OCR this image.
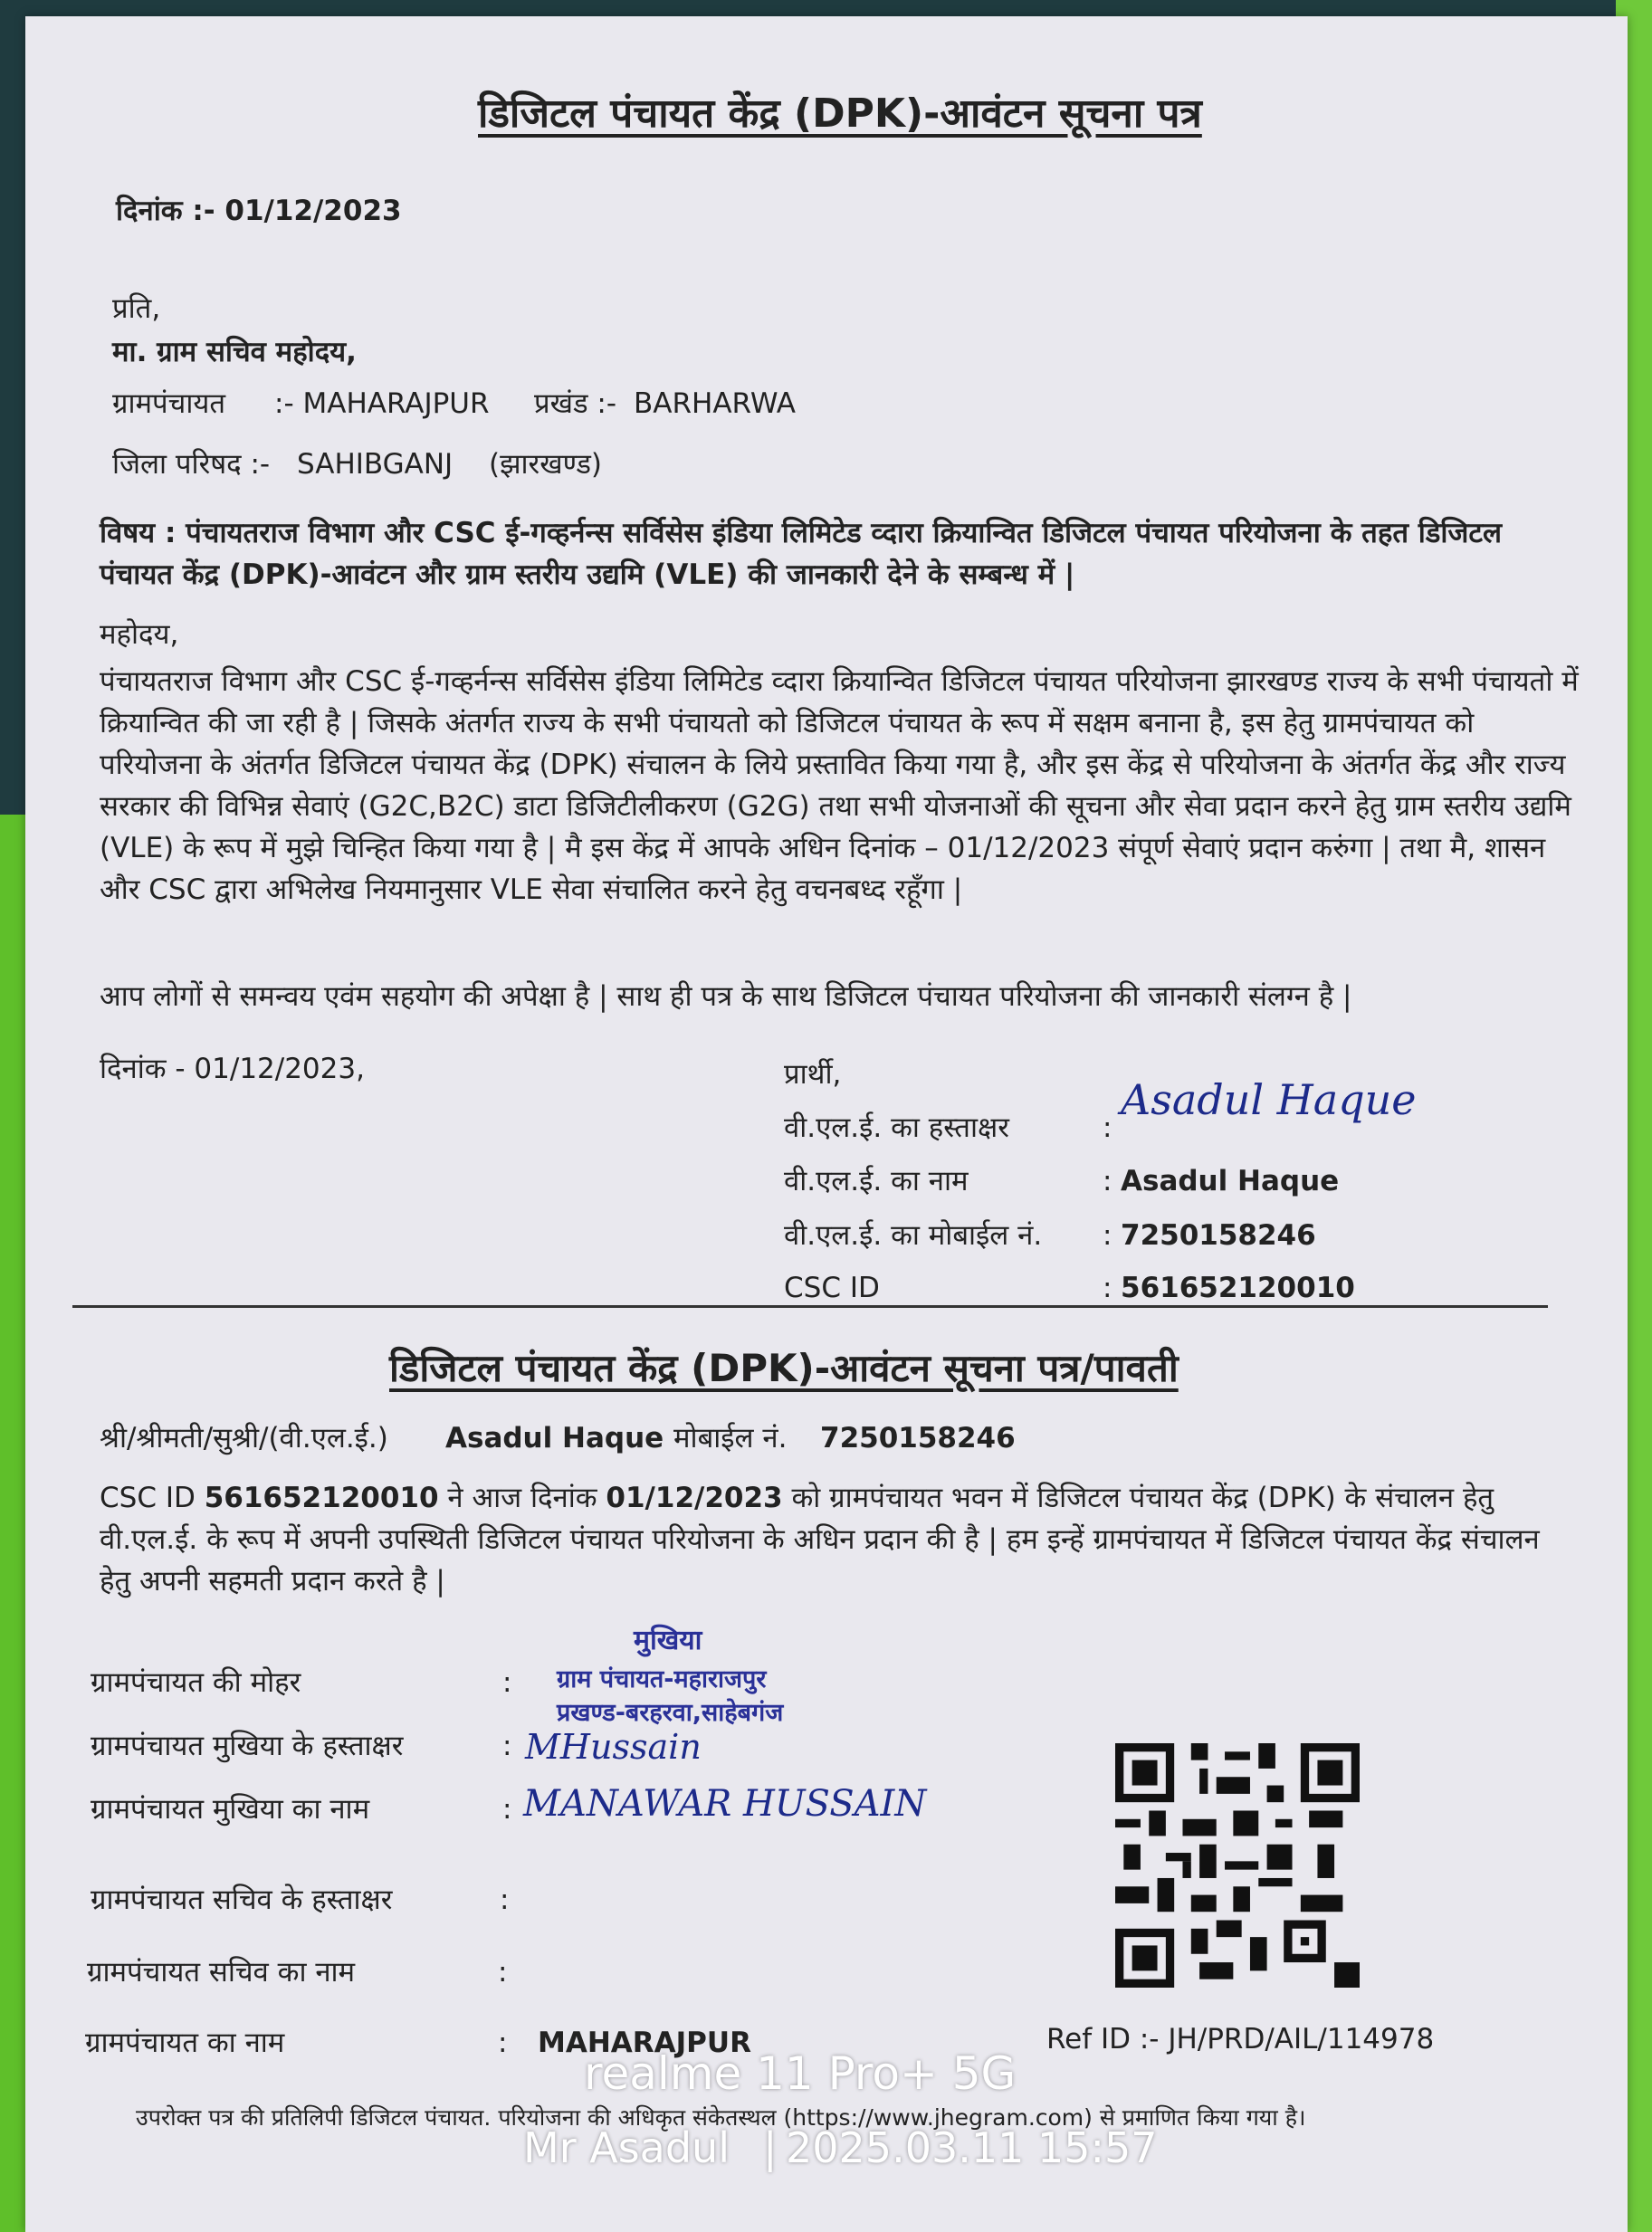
डिजिटल पंचायत केंद्र (DPK)-आवंटन सूचना पत्र
दिनांक :- 01/12/2023
प्रति,
मा. ग्राम सचिव महोदय,
ग्रामपंचायत :- MAHARAJPUR प्रखंड :- BARHARWA
जिला परिषद :- SAHIBGANJ (झारखण्ड)
विषय : पंचायतराज विभाग और CSC ई-गव्हर्नन्स सर्विसेस इंडिया लिमिटेड व्दारा क्रियान्वित डिजिटल पंचायत परियोजना के तहत डिजिटल पंचायत केंद्र (DPK)-आवंटन और ग्राम स्तरीय उद्यमि (VLE) की जानकारी देने के सम्बन्ध में |
महोदय,
पंचायतराज विभाग और CSC ई-गव्हर्नन्स सर्विसेस इंडिया लिमिटेड व्दारा क्रियान्वित डिजिटल पंचायत परियोजना झारखण्ड राज्य के सभी पंचायतो में क्रियान्वित की जा रही है | जिसके अंतर्गत राज्य के सभी पंचायतो को डिजिटल पंचायत के रूप में सक्षम बनाना है, इस हेतु ग्रामपंचायत को परियोजना के अंतर्गत डिजिटल पंचायत केंद्र (DPK) संचालन के लिये प्रस्तावित किया गया है, और इस केंद्र से परियोजना के अंतर्गत केंद्र और राज्य सरकार की विभिन्न सेवाएं (G2C,B2C) डाटा डिजिटीलीकरण (G2G) तथा सभी योजनाओं की सूचना और सेवा प्रदान करने हेतु ग्राम स्तरीय उद्यमि (VLE) के रूप में मुझे चिन्हित किया गया है | मै इस केंद्र में आपके अधिन दिनांक – 01/12/2023 संपूर्ण सेवाएं प्रदान करुंगा | तथा मै, शासन और CSC द्वारा अभिलेख नियमानुसार VLE सेवा संचालित करने हेतु वचनबध्द रहूँगा |
आप लोगों से समन्वय एवंम सहयोग की अपेक्षा है | साथ ही पत्र के साथ डिजिटल पंचायत परियोजना की जानकारी संलग्न है |
दिनांक - 01/12/2023,	प्रार्थी,
वी.एल.ई. का हस्ताक्षर	:
Asadul Haque
वी.एल.ई. का नाम	: Asadul Haque
वी.एल.ई. का मोबाईल नं. : 7250158246
CSC ID	: 561652120010
डिजिटल पंचायत केंद्र (DPK)-आवंटन सूचना पत्र/पावती
श्री/श्रीमती/सुश्री/(वी.एल.ई.) Asadul Haque मोबाईल नं. 7250158246
CSC ID 561652120010 ने आज दिनांक 01/12/2023 को ग्रामपंचायत भवन में डिजिटल पंचायत केंद्र (DPK) के संचालन हेतु वी.एल.ई. के रूप में अपनी उपस्थिती डिजिटल पंचायत परियोजना के अधिन प्रदान की है | हम इन्हें ग्रामपंचायत में डिजिटल पंचायत केंद्र संचालन हेतु अपनी सहमती प्रदान करते है |
ग्रामपंचायत की मोहर	:
मुखिया
ग्राम पंचायत-महाराजपुर
प्रखण्ड-बरहरवा,साहेबगंज
ग्रामपंचायत मुखिया के हस्ताक्षर	: MHussain
ग्रामपंचायत मुखिया का नाम	: MANAWAR HUSSAIN
ग्रामपंचायत सचिव के हस्ताक्षर	:
ग्रामपंचायत सचिव का नाम	:
ग्रामपंचायत का नाम	: MAHARAJPUR	Ref ID :- JH/PRD/AIL/114978
उपरोक्त पत्र की प्रतिलिपी डिजिटल पंचायत. परियोजना की अधिकृत संकेतस्थल (https://www.jhegram.com) से प्रमाणित किया गया है।
realme 11 Pro+ 5G
Mr Asadul | 2025.03.11 15:57
